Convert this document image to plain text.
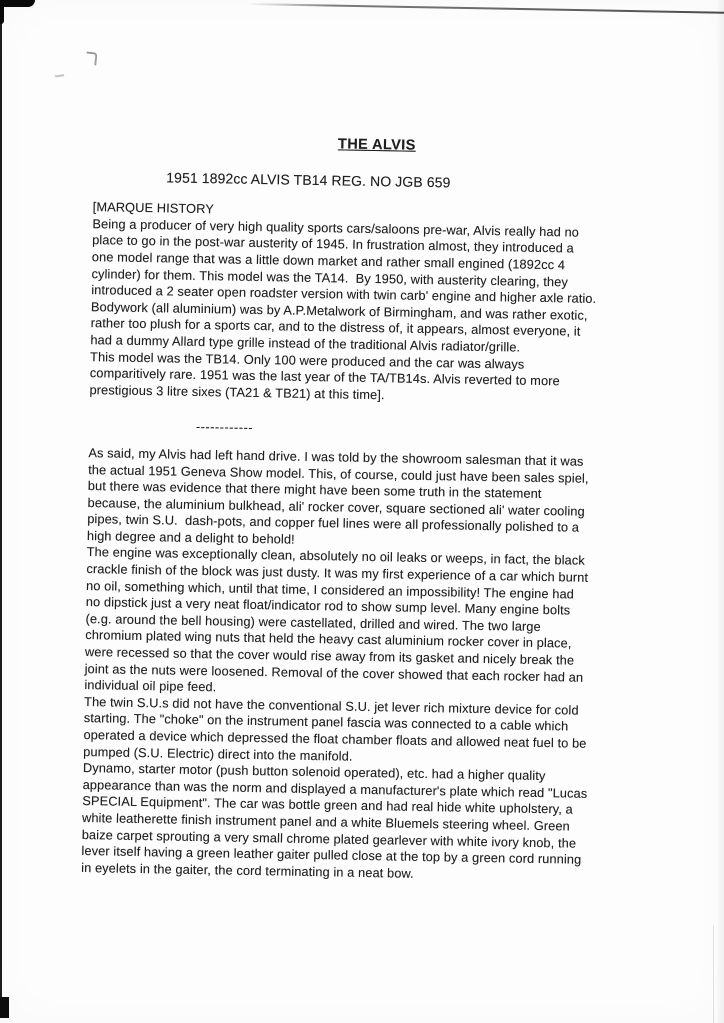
THE ALVIS
1951 1892cc ALVIS TB14 REG. NO JGB 659
[MARQUE HISTORY
Being a producer of very high quality sports cars/saloons pre-war, Alvis really had no
place to go in the post-war austerity of 1945. In frustration almost, they introduced a
one model range that was a little down market and rather small engined (1892cc 4
cylinder) for them. This model was the TA14.  By 1950, with austerity clearing, they
introduced a 2 seater open roadster version with twin carb' engine and higher axle ratio.
Bodywork (all aluminium) was by A.P.Metalwork of Birmingham, and was rather exotic,
rather too plush for a sports car, and to the distress of, it appears, almost everyone, it
had a dummy Allard type grille instead of the traditional Alvis radiator/grille.
This model was the TB14. Only 100 were produced and the car was always
comparitively rare. 1951 was the last year of the TA/TB14s. Alvis reverted to more
prestigious 3 litre sixes (TA21 & TB21) at this time].
------------
As said, my Alvis had left hand drive. I was told by the showroom salesman that it was
the actual 1951 Geneva Show model. This, of course, could just have been sales spiel,
but there was evidence that there might have been some truth in the statement
because, the aluminium bulkhead, ali' rocker cover, square sectioned ali' water cooling
pipes, twin S.U.  dash-pots, and copper fuel lines were all professionally polished to a
high degree and a delight to behold!
The engine was exceptionally clean, absolutely no oil leaks or weeps, in fact, the black
crackle finish of the block was just dusty. It was my first experience of a car which burnt
no oil, something which, until that time, I considered an impossibility! The engine had
no dipstick just a very neat float/indicator rod to show sump level. Many engine bolts
(e.g. around the bell housing) were castellated, drilled and wired. The two large
chromium plated wing nuts that held the heavy cast aluminium rocker cover in place,
were recessed so that the cover would rise away from its gasket and nicely break the
joint as the nuts were loosened. Removal of the cover showed that each rocker had an
individual oil pipe feed.
The twin S.U.s did not have the conventional S.U. jet lever rich mixture device for cold
starting. The "choke" on the instrument panel fascia was connected to a cable which
operated a device which depressed the float chamber floats and allowed neat fuel to be
pumped (S.U. Electric) direct into the manifold.
Dynamo, starter motor (push button solenoid operated), etc. had a higher quality
appearance than was the norm and displayed a manufacturer's plate which read "Lucas
SPECIAL Equipment". The car was bottle green and had real hide white upholstery, a
white leatherette finish instrument panel and a white Bluemels steering wheel. Green
baize carpet sprouting a very small chrome plated gearlever with white ivory knob, the
lever itself having a green leather gaiter pulled close at the top by a green cord running
in eyelets in the gaiter, the cord terminating in a neat bow.
